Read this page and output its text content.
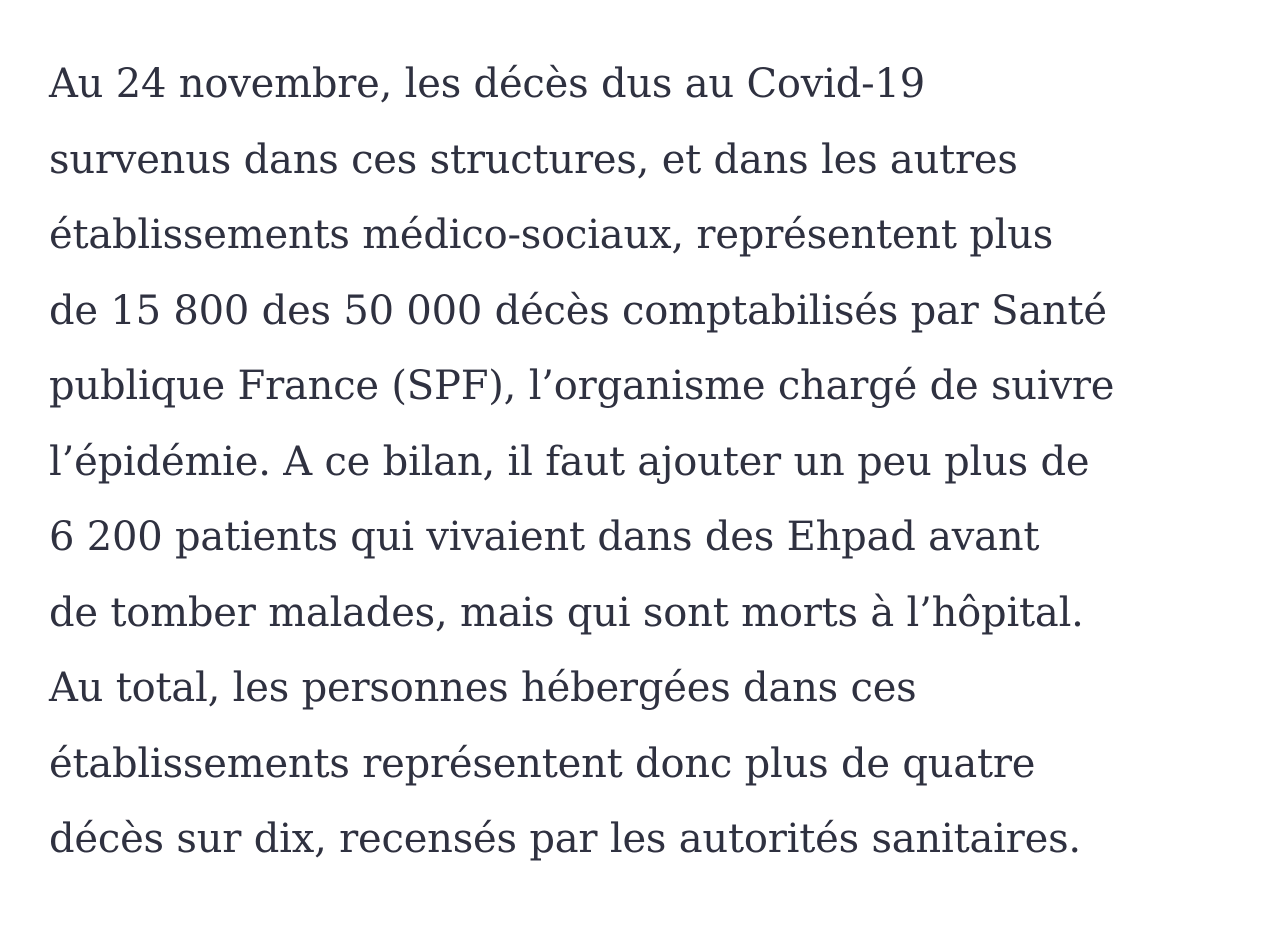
Au 24 novembre, les décès dus au Covid-19
survenus dans ces structures, et dans les autres
établissements médico-sociaux, représentent plus
de 15 800 des 50 000 décès comptabilisés par Santé
publique France (SPF), l’organisme chargé de suivre
l’épidémie. A ce bilan, il faut ajouter un peu plus de
6 200 patients qui vivaient dans des Ehpad avant
de tomber malades, mais qui sont morts à l’hôpital.
Au total, les personnes hébergées dans ces
établissements représentent donc plus de quatre
décès sur dix, recensés par les autorités sanitaires.
